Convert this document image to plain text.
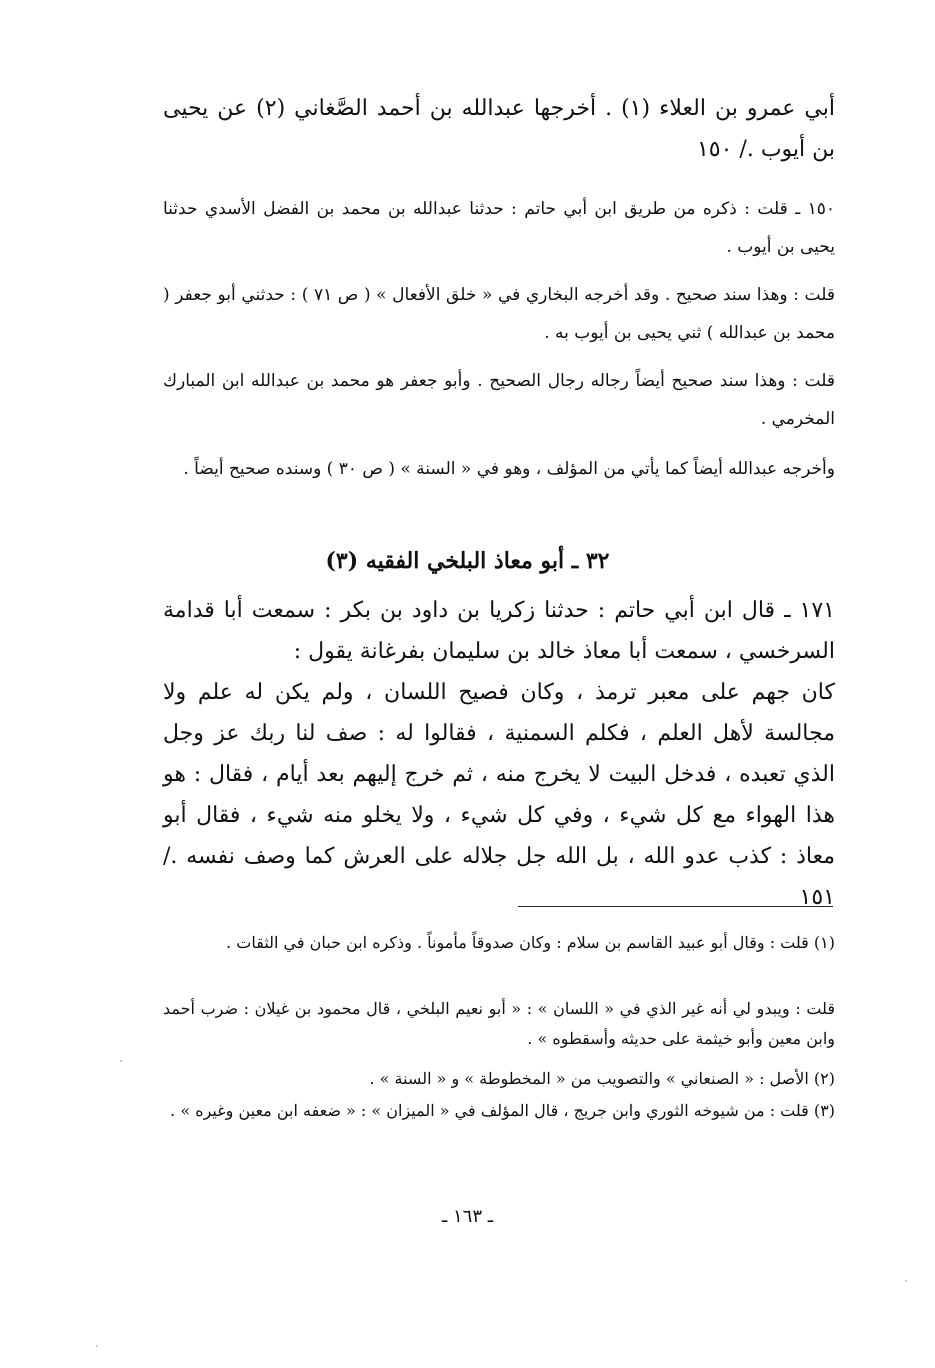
أبي عمرو بن العلاء (١) . أخرجها عبدالله بن أحمد الصَّغاني (٢) عن يحيى بن أيوب ./ ١٥٠

١٥٠ ـ قلت : ذكره من طريق ابن أبي حاتم : حدثنا عبدالله بن محمد بن الفضل الأسدي حدثنا يحيى بن أيوب .

قلت : وهذا سند صحيح . وقد أخرجه البخاري في « خلق الأفعال » ( ص ٧١ ) : حدثني أبو جعفر ( محمد بن عبدالله ) ثني يحيى بن أيوب به .

قلت : وهذا سند صحيح أيضاً رجاله رجال الصحيح . وأبو جعفر هو محمد بن عبدالله ابن المبارك المخرمي .

وأخرجه عبدالله أيضاً كما يأتي من المؤلف ، وهو في « السنة » ( ص ٣٠ ) وسنده صحيح أيضاً .

٣٢ ـ أبو معاذ البلخي الفقيه (٣)

١٧١ ـ قال ابن أبي حاتم : حدثنا زكريا بن داود بن بكر : سمعت أبا قدامة السرخسي ، سمعت أبا معاذ خالد بن سليمان بفرغانة يقول :

كان جهم على معبر ترمذ ، وكان فصيح اللسان ، ولم يكن له علم ولا مجالسة لأهل العلم ، فكلم السمنية ، فقالوا له : صف لنا ربك عز وجل الذي تعبده ، فدخل البيت لا يخرج منه ، ثم خرج إليهم بعد أيام ، فقال : هو هذا الهواء مع كل شيء ، وفي كل شيء ، ولا يخلو منه شيء ، فقال أبو معاذ : كذب عدو الله ، بل الله جل جلاله على العرش كما وصف نفسه ./ ١٥١

(١) قلت : وقال أبو عبيد القاسم بن سلام : وكان صدوقاً مأموناً . وذكره ابن حبان في الثقات .

قلت : ويبدو لي أنه غير الذي في « اللسان » : « أبو نعيم البلخي ، قال محمود بن غيلان : ضرب أحمد وابن معين وأبو خيثمة على حديثه وأسقطوه » .

(٢) الأصل : « الصنعاني » والتصويب من « المخطوطة » و « السنة » .

(٣) قلت : من شيوخه الثوري وابن جريج ، قال المؤلف في « الميزان » : « ضعفه ابن معين وغيره » .

ـ ١٦٣ ـ
